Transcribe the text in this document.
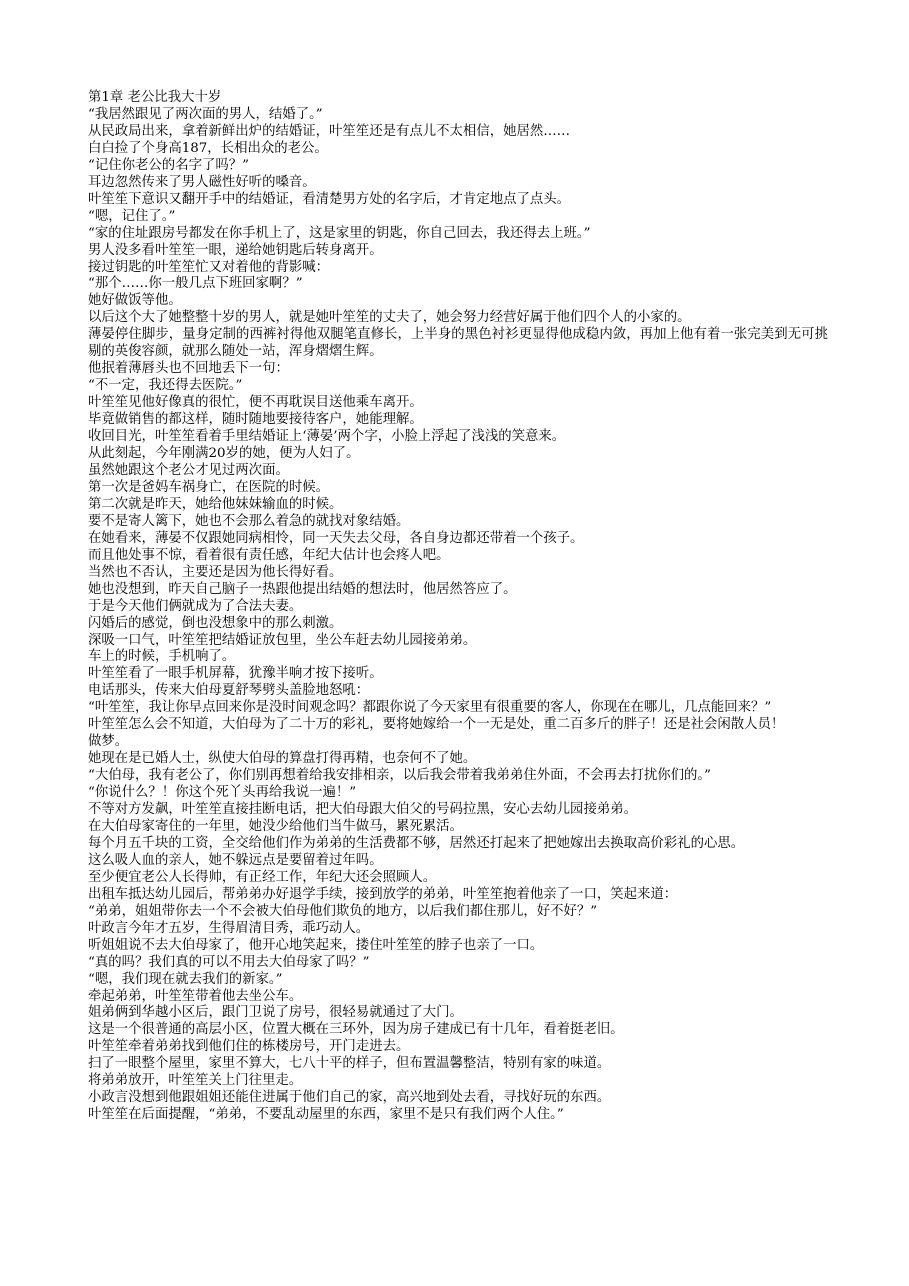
第1章 老公比我大十岁

“我居然跟见了两次面的男人，结婚了。”

从民政局出来，拿着新鲜出炉的结婚证，叶笙笙还是有点儿不太相信，她居然……

白白捡了个身高187，长相出众的老公。

“记住你老公的名字了吗？”

耳边忽然传来了男人磁性好听的嗓音。

叶笙笙下意识又翻开手中的结婚证，看清楚男方处的名字后，才肯定地点了点头。

“嗯，记住了。”

“家的住址跟房号都发在你手机上了，这是家里的钥匙，你自己回去，我还得去上班。”

男人没多看叶笙笙一眼，递给她钥匙后转身离开。

接过钥匙的叶笙笙忙又对着他的背影喊：

“那个……你一般几点下班回家啊？”

她好做饭等他。

以后这个大了她整整十岁的男人，就是她叶笙笙的丈夫了，她会努力经营好属于他们四个人的小家的。

薄晏停住脚步，量身定制的西裤衬得他双腿笔直修长，上半身的黑色衬衫更显得他成稳内敛，再加上他有着一张完美到无可挑剔的英俊容颜，就那么随处一站，浑身熠熠生辉。

他抿着薄唇头也不回地丢下一句：

“不一定，我还得去医院。”

叶笙笙见他好像真的很忙，便不再耽误目送他乘车离开。

毕竟做销售的都这样，随时随地要接待客户，她能理解。

收回目光，叶笙笙看着手里结婚证上‘薄晏’两个字，小脸上浮起了浅浅的笑意来。

从此刻起，今年刚满20岁的她，便为人妇了。

虽然她跟这个老公才见过两次面。

第一次是爸妈车祸身亡，在医院的时候。

第二次就是昨天，她给他妹妹输血的时候。

要不是寄人篱下，她也不会那么着急的就找对象结婚。

在她看来，薄晏不仅跟她同病相怜，同一天失去父母，各自身边都还带着一个孩子。

而且他处事不惊，看着很有责任感，年纪大估计也会疼人吧。

当然也不否认，主要还是因为他长得好看。

她也没想到，昨天自己脑子一热跟他提出结婚的想法时，他居然答应了。

于是今天他们俩就成为了合法夫妻。

闪婚后的感觉，倒也没想象中的那么刺激。

深吸一口气，叶笙笙把结婚证放包里，坐公车赶去幼儿园接弟弟。

车上的时候，手机响了。

叶笙笙看了一眼手机屏幕，犹豫半响才按下接听。

电话那头，传来大伯母夏舒琴劈头盖脸地怒吼：

“叶笙笙，我让你早点回来你是没时间观念吗？都跟你说了今天家里有很重要的客人，你现在在哪儿，几点能回来？”

叶笙笙怎么会不知道，大伯母为了二十万的彩礼，要将她嫁给一个一无是处，重二百多斤的胖子！还是社会闲散人员！

做梦。

她现在是已婚人士，纵使大伯母的算盘打得再精，也奈何不了她。

“大伯母，我有老公了，你们别再想着给我安排相亲，以后我会带着我弟弟住外面，不会再去打扰你们的。”

“你说什么？！你这个死丫头再给我说一遍！”

不等对方发飙，叶笙笙直接挂断电话，把大伯母跟大伯父的号码拉黑，安心去幼儿园接弟弟。

在大伯母家寄住的一年里，她没少给他们当牛做马，累死累活。

每个月五千块的工资，全交给他们作为弟弟的生活费都不够，居然还打起来了把她嫁出去换取高价彩礼的心思。

这么吸人血的亲人，她不躲远点是要留着过年吗。

至少便宜老公人长得帅，有正经工作，年纪大还会照顾人。

出租车抵达幼儿园后，帮弟弟办好退学手续，接到放学的弟弟，叶笙笙抱着他亲了一口，笑起来道：

“弟弟，姐姐带你去一个不会被大伯母他们欺负的地方，以后我们都住那儿，好不好？”

叶政言今年才五岁，生得眉清目秀，乖巧动人。

听姐姐说不去大伯母家了，他开心地笑起来，搂住叶笙笙的脖子也亲了一口。

“真的吗？我们真的可以不用去大伯母家了吗？”

“嗯，我们现在就去我们的新家。”

牵起弟弟，叶笙笙带着他去坐公车。

姐弟俩到华越小区后，跟门卫说了房号，很轻易就通过了大门。

这是一个很普通的高层小区，位置大概在三环外，因为房子建成已有十几年，看着挺老旧。

叶笙笙牵着弟弟找到他们住的栋楼房号，开门走进去。

扫了一眼整个屋里，家里不算大，七八十平的样子，但布置温馨整洁，特别有家的味道。

将弟弟放开，叶笙笙关上门往里走。

小政言没想到他跟姐姐还能住进属于他们自己的家，高兴地到处去看，寻找好玩的东西。

叶笙笙在后面提醒，“弟弟，不要乱动屋里的东西，家里不是只有我们两个人住。”
